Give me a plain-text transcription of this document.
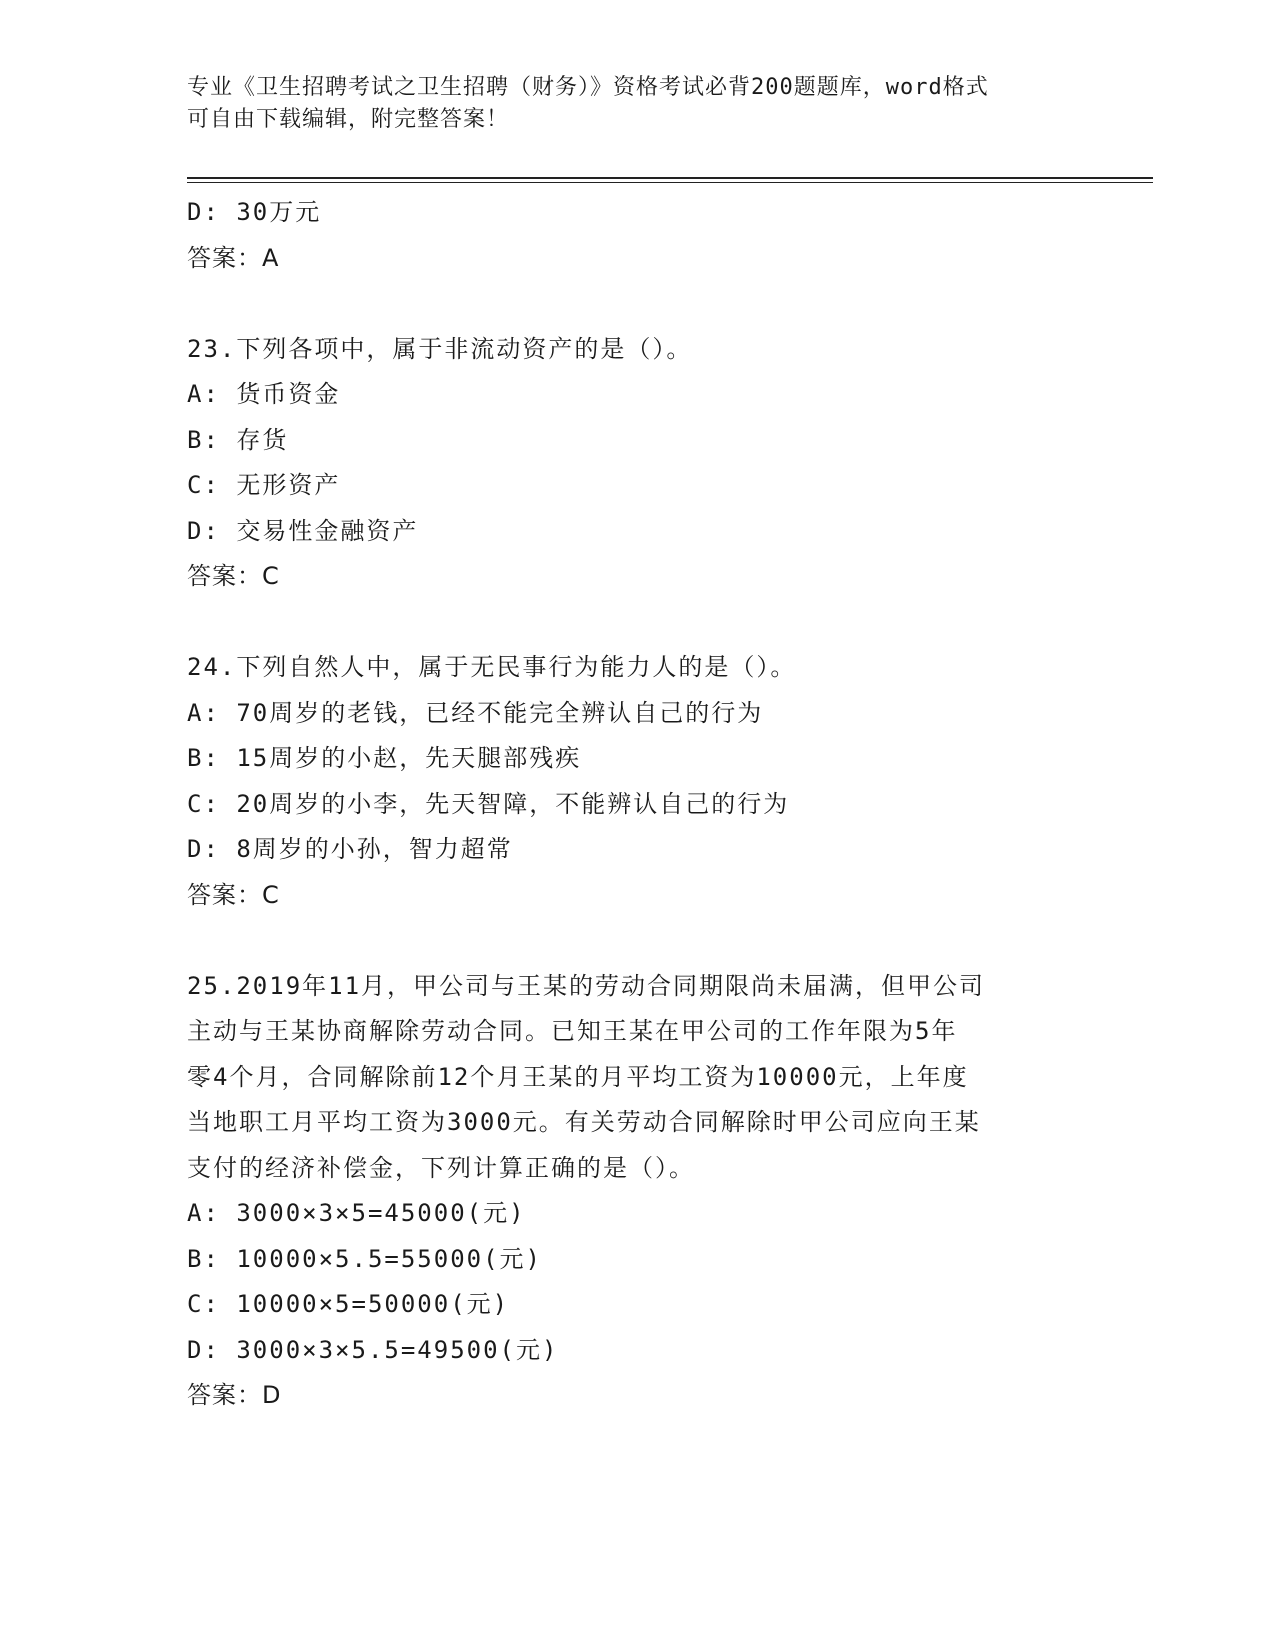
专业《卫生招聘考试之卫生招聘（财务）》资格考试必背200题题库，word格式
可自由下载编辑，附完整答案！
D: 30万元
答案：A
23.下列各项中，属于非流动资产的是（）。
A: 货币资金
B: 存货
C: 无形资产
D: 交易性金融资产
答案：C
24.下列自然人中，属于无民事行为能力人的是（）。
A: 70周岁的老钱，已经不能完全辨认自己的行为
B: 15周岁的小赵，先天腿部残疾
C: 20周岁的小李，先天智障，不能辨认自己的行为
D: 8周岁的小孙，智力超常
答案：C
25.2019年11月，甲公司与王某的劳动合同期限尚未届满，但甲公司
主动与王某协商解除劳动合同。已知王某在甲公司的工作年限为5年
零4个月，合同解除前12个月王某的月平均工资为10000元，上年度
当地职工月平均工资为3000元。有关劳动合同解除时甲公司应向王某
支付的经济补偿金，下列计算正确的是（）。
A: 3000×3×5=45000(元)
B: 10000×5.5=55000(元)
C: 10000×5=50000(元)
D: 3000×3×5.5=49500(元)
答案：D
